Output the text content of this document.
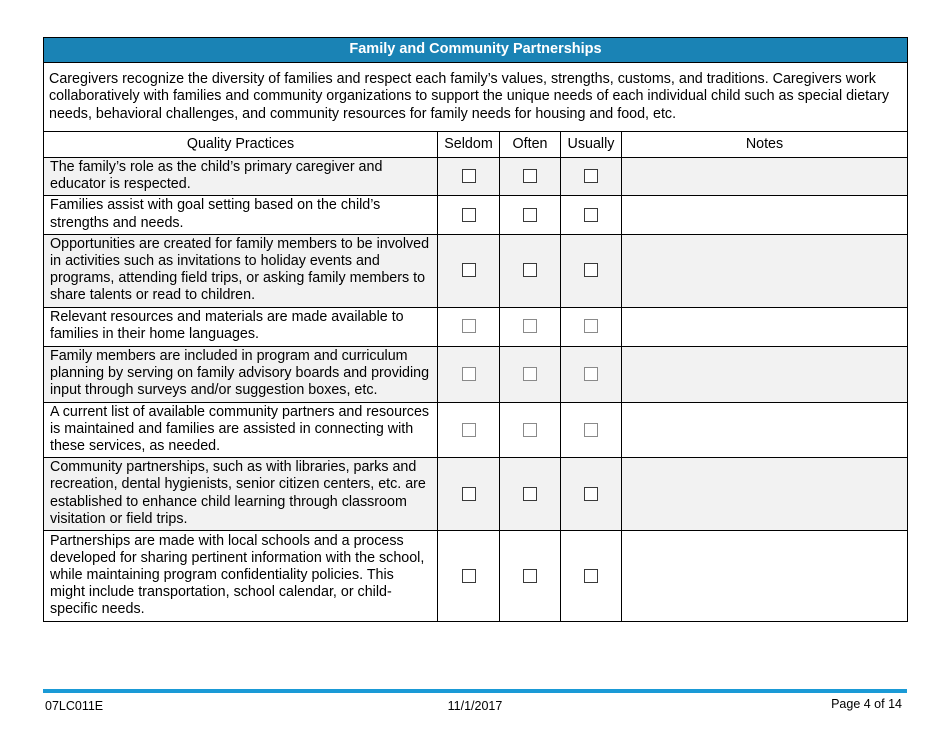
Family and Community Partnerships				
Caregivers recognize the diversity of families and respect each family’s values, strengths, customs, and traditions. Caregivers work collaboratively with families and community organizations to support the unique needs of each individual child such as special dietary needs, behavioral challenges, and community resources for family needs for housing and food, etc.				
Quality Practices	Seldom	Often	Usually	Notes
The family’s role as the child’s primary caregiver and educator is respected.				
Families assist with goal setting based on the child’s strengths and needs.				
Opportunities are created for family members to be involved in activities such as invitations to holiday events and programs, attending field trips, or asking family members to share talents or read to children.				
Relevant resources and materials are made available to families in their home languages.				
Family members are included in program and curriculum planning by serving on family advisory boards and providing input through surveys and/or suggestion boxes, etc.				
A current list of available community partners and resources is maintained and families are assisted in connecting with these services, as needed.				
Community partnerships, such as with libraries, parks and recreation, dental hygienists, senior citizen centers, etc. are established to enhance child learning through classroom visitation or field trips.				
Partnerships are made with local schools and a process developed for sharing pertinent information with the school, while maintaining program confidentiality policies. This might include transportation, school calendar, or child-specific needs.				
07LC011E	11/1/2017	Page 4 of 14
